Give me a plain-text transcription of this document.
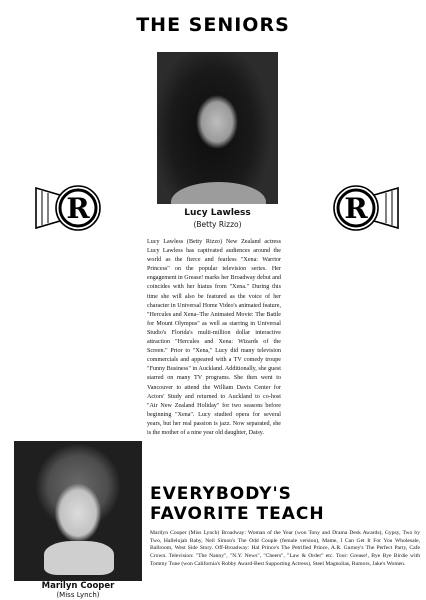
THE SENIORS
R	R
Lucy Lawless
(Betty Rizzo)
Lucy Lawless (Betty Rizzo) New Zealand actress Lucy Lawless has captivated audiences around the world as the fierce and fearless "Xena: Warrior Princess" on the popular television series. Her engagement in Grease! marks her Broadway debut and coincides with her hiatus from "Xena." During this time she will also be featured as the voice of her character in Universal Home Video's animated feature, "Hercules and Xena–The Animated Movie: The Battle for Mount Olympus" as well as starring in Universal Studio's Florida's multi-million dollar interactive attraction "Hercules and Xena: Wizards of the Screen." Prior to "Xena," Lucy did many television commercials and appeared with a TV comedy troupe "Funny Business" in Auckland. Additionally, she guest starred on many TV programs. She then went to Vancouver to attend the William Davis Center for Actors' Study and returned to Auckland to co-host "Air New Zealand Holiday" for two seasons before beginning "Xena". Lucy studied opera for several years, but her real passion is jazz. Now separated, she is the mother of a nine year old daughter, Daisy.
Marilyn Cooper
(Miss Lynch)
EVERYBODY'S
FAVORITE TEACH
Marilyn Cooper (Miss Lynch) Broadway: Woman of the Year (won Tony and Drama Desk Awards), Gypsy, Two by Two, Hallelujah Baby, Neil Simon's The Odd Couple (female version), Mame, I Can Get It For You Wholesale, Ballroom, West Side Story. Off-Broadway: Hal Prince's The Petrified Prince, A.R. Gurney's The Perfect Party, Cafe Crown. Television: "The Nanny", "N.Y. News", "Cheers", "Law & Order" etc. Tour: Grease!, Bye Bye Birdie with Tommy Tune (won California's Robby Award-Best Supporting Actress), Steel Magnolias, Rumors, Jake's Women.
